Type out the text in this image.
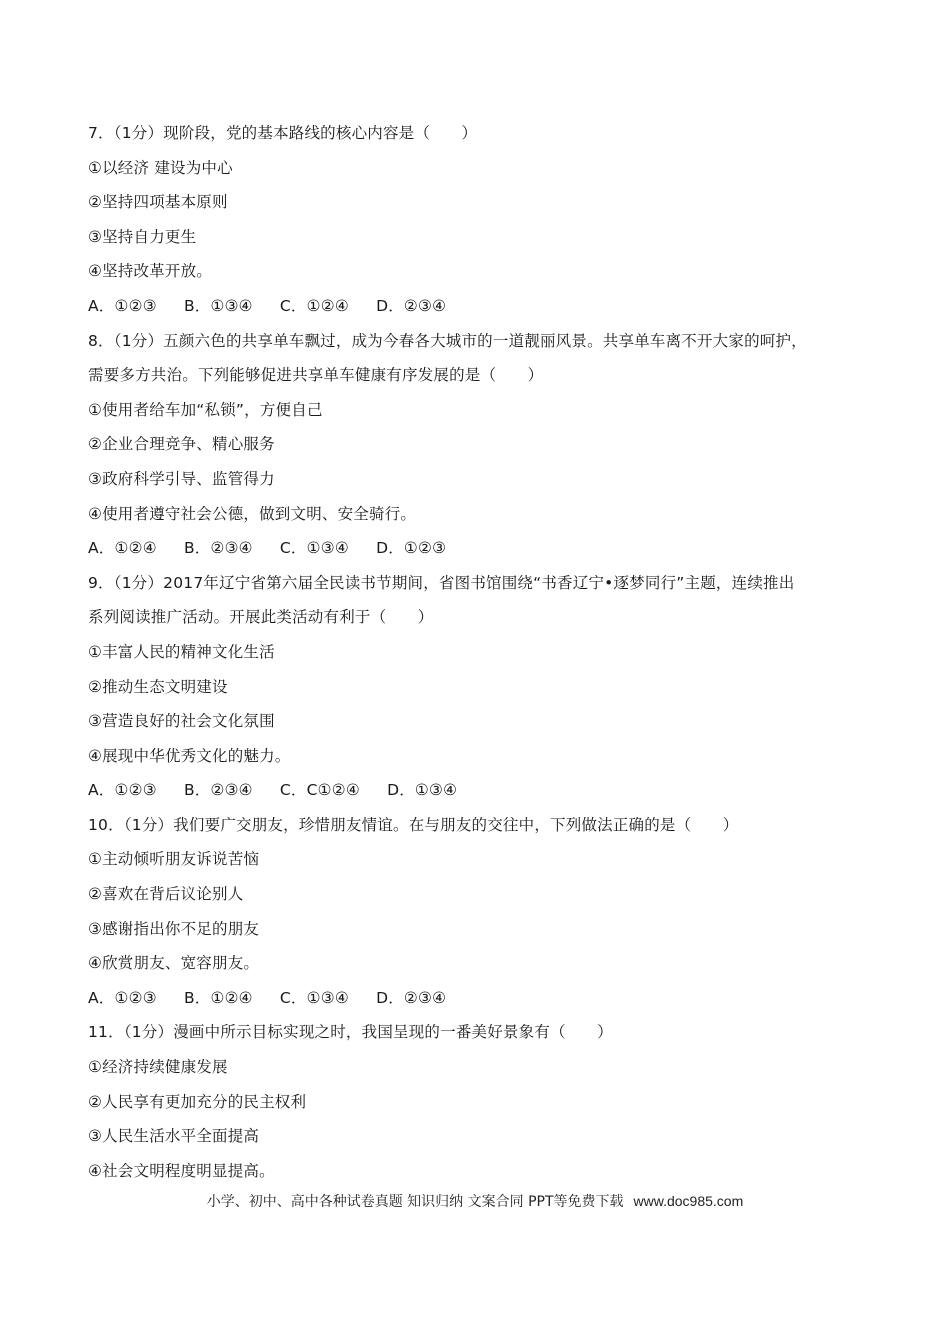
7．（1分）现阶段，党的基本路线的核心内容是（　　）
①以经济 建设为中心
②坚持四项基本原则
③坚持自力更生
④坚持改革开放。
A．①②③ B．①③④ C．①②④ D．②③④
8．（1分）五颜六色的共享单车飘过，成为今春各大城市的一道靓丽风景。共享单车离不开大家的呵护，
需要多方共治。下列能够促进共享单车健康有序发展的是（　　）
①使用者给车加“私锁”，方便自己
②企业合理竞争、精心服务
③政府科学引导、监管得力
④使用者遵守社会公德，做到文明、安全骑行。
A．①②④ B．②③④ C．①③④ D．①②③
9．（1分）2017年辽宁省第六届全民读书节期间，省图书馆围绕“书香辽宁•逐梦同行”主题，连续推出
系列阅读推广活动。开展此类活动有利于（　　）
①丰富人民的精神文化生活
②推动生态文明建设
③营造良好的社会文化氛围
④展现中华优秀文化的魅力。
A．①②③ B．②③④ C．C①②④ D．①③④
10．（1分）我们要广交朋友，珍惜朋友情谊。在与朋友的交往中，下列做法正确的是（　　）
①主动倾听朋友诉说苦恼
②喜欢在背后议论别人
③感谢指出你不足的朋友
④欣赏朋友、宽容朋友。
A．①②③ B．①②④ C．①③④ D．②③④
11．（1分）漫画中所示目标实现之时，我国呈现的一番美好景象有（　　）
①经济持续健康发展
②人民享有更加充分的民主权利
③人民生活水平全面提高
④社会文明程度明显提高。
小学、初中、高中各种试卷真题 知识归纳 文案合同 PPT等免费下载 www.doc985.com
